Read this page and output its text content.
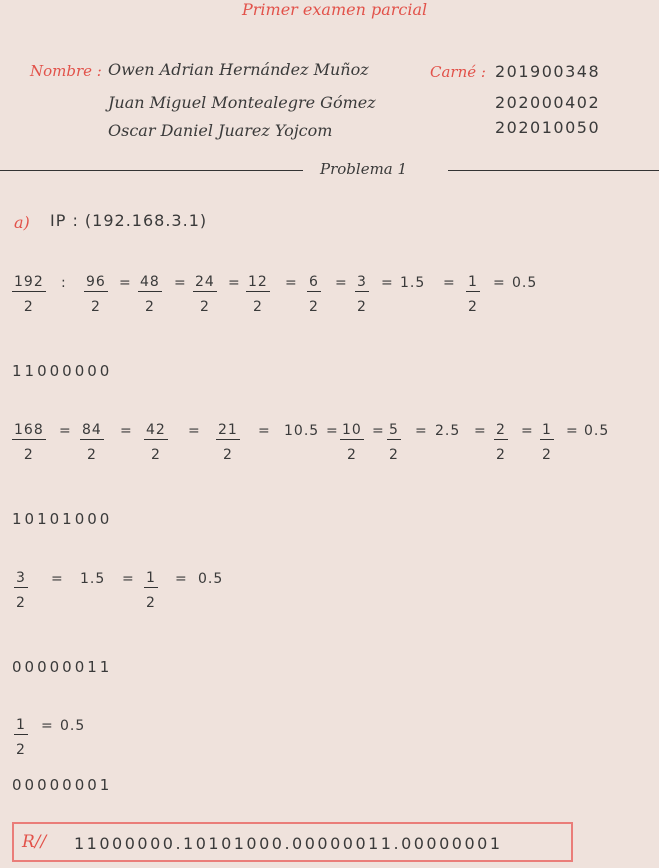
Primer examen parcial
Nombre : Owen Adrian Hernández Muñoz
Juan Miguel Montealegre Gómez
Oscar Daniel Juarez Yojcom
Carné : 201900348
202000402
202010050
Problema 1
a) IP : (192.168.3.1)
11000000
10101000
00000011
00000001
R// 11000000.10101000.00000011.00000001
$\frac{192}{2}$ : $\frac{96}{2} = \frac{48}{2} = \frac{24}{2} = \frac{12}{2} = \frac{6}{2} = \frac{3}{2} = 1.5 = \frac{1}{2} = 0.5$
$\frac{168}{2} = \frac{84}{2} = \frac{42}{2} = \frac{21}{2} = 10.5 = \frac{10}{2} = \frac{5}{2} = 2.5 = \frac{2}{2} = \frac{1}{2} = 0.5$
$\frac{3}{2} = 1.5 = \frac{1}{2} = 0.5$
$\frac{1}{2} = 0.5$
